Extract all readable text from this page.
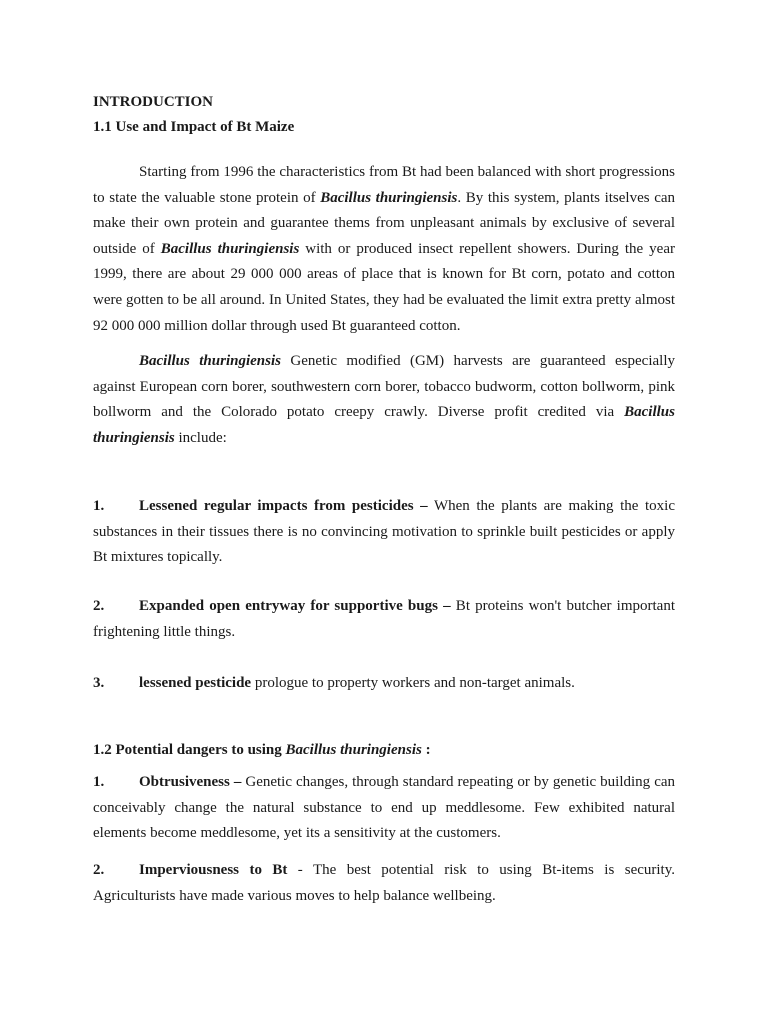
INTRODUCTION
1.1 Use and Impact of Bt Maize
Starting from 1996 the characteristics from Bt had been balanced with short progressions to state the valuable stone protein of Bacillus thuringiensis. By this system, plants itselves can make their own protein and guarantee thems from unpleasant animals by exclusive of several outside of Bacillus thuringiensis with or produced insect repellent showers. During the year 1999, there are about 29 000 000 areas of place that is known for Bt corn, potato and cotton were gotten to be all around. In United States, they had be evaluated the limit extra pretty almost 92 000 000 million dollar through used Bt guaranteed cotton.
Bacillus thuringiensis Genetic modified (GM) harvests are guaranteed especially against European corn borer, southwestern corn borer, tobacco budworm, cotton bollworm, pink bollworm and the Colorado potato creepy crawly. Diverse profit credited via Bacillus thuringiensis include:
1. Lessened regular impacts from pesticides – When the plants are making the toxic substances in their tissues there is no convincing motivation to sprinkle built pesticides or apply Bt mixtures topically.
2. Expanded open entryway for supportive bugs – Bt proteins won't butcher important frightening little things.
3. lessened pesticide prologue to property workers and non-target animals.
1.2 Potential dangers to using Bacillus thuringiensis :
1. Obtrusiveness – Genetic changes, through standard repeating or by genetic building can conceivably change the natural substance to end up meddlesome. Few exhibited natural elements become meddlesome, yet its a sensitivity at the customers.
2. Imperviousness to Bt - The best potential risk to using Bt-items is security. Agriculturists have made various moves to help balance wellbeing.
